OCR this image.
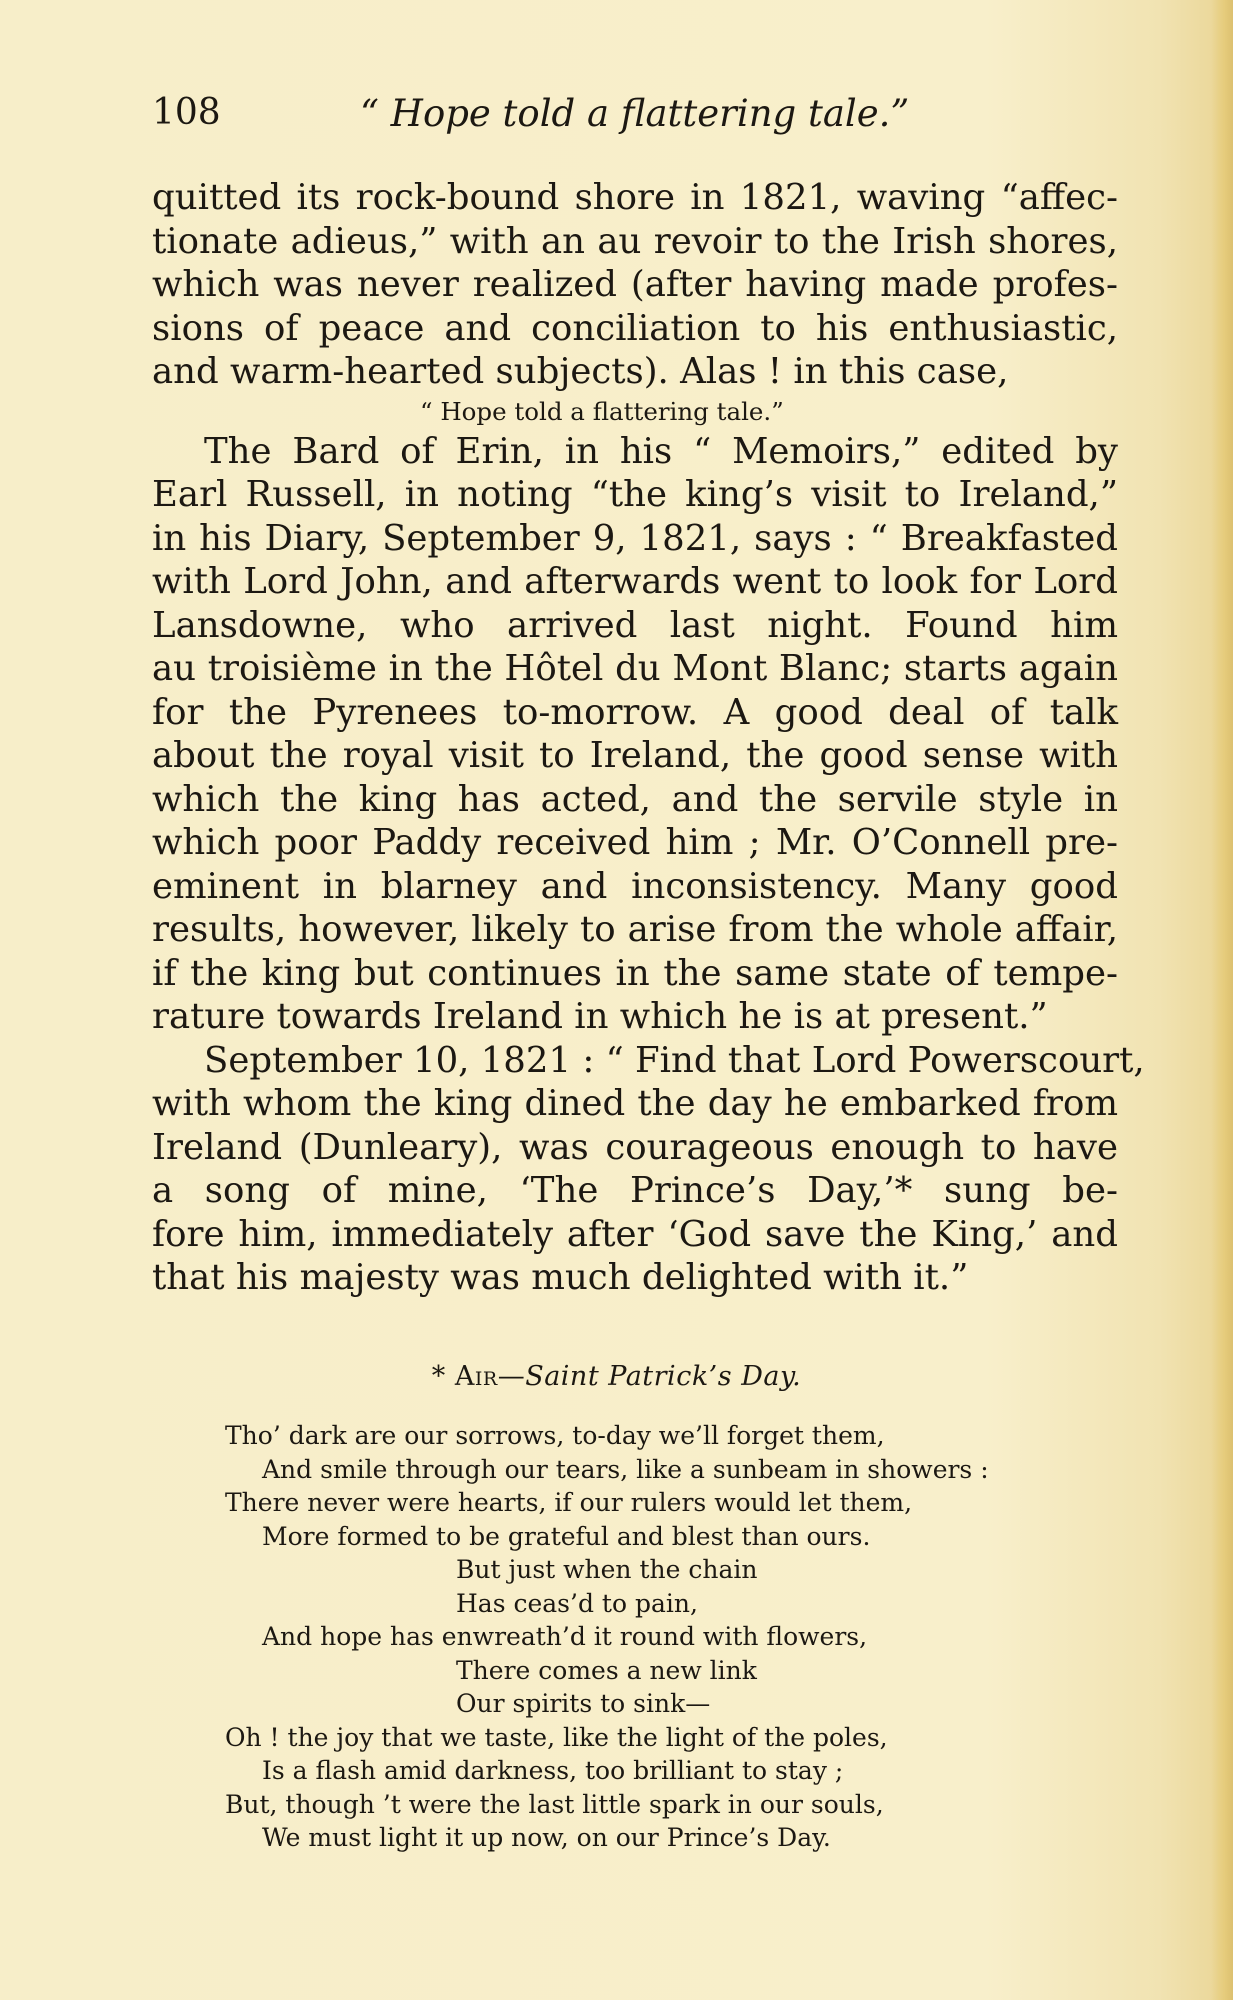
108	“ Hope told a flattering tale.”
quitted its rock-bound shore in 1821, waving “affec-
tionate adieus,” with an au revoir to the Irish shores,
which was never realized (after having made profes-
sions of peace and conciliation to his enthusiastic,
and warm-hearted subjects). Alas ! in this case,
“ Hope told a flattering tale.”
The Bard of Erin, in his “ Memoirs,” edited by
Earl Russell, in noting “the king’s visit to Ireland,”
in his Diary, September 9, 1821, says : “ Breakfasted
with Lord John, and afterwards went to look for Lord
Lansdowne, who arrived last night. Found him
au troisième in the Hôtel du Mont Blanc; starts again
for the Pyrenees to-morrow. A good deal of talk
about the royal visit to Ireland, the good sense with
which the king has acted, and the servile style in
which poor Paddy received him ; Mr. O’Connell pre-
eminent in blarney and inconsistency. Many good
results, however, likely to arise from the whole affair,
if the king but continues in the same state of tempe-
rature towards Ireland in which he is at present.”
September 10, 1821 : “ Find that Lord Powerscourt,
with whom the king dined the day he embarked from
Ireland (Dunleary), was courageous enough to have
a song of mine, ‘The Prince’s Day,’* sung be-
fore him, immediately after ‘God save the King,’ and
that his majesty was much delighted with it.”
* Air—Saint Patrick’s Day.
Tho’ dark are our sorrows, to-day we’ll forget them,
And smile through our tears, like a sunbeam in showers :
There never were hearts, if our rulers would let them,
More formed to be grateful and blest than ours.
But just when the chain
Has ceas’d to pain,
And hope has enwreath’d it round with flowers,
There comes a new link
Our spirits to sink—
Oh ! the joy that we taste, like the light of the poles,
Is a flash amid darkness, too brilliant to stay ;
But, though ’t were the last little spark in our souls,
We must light it up now, on our Prince’s Day.
